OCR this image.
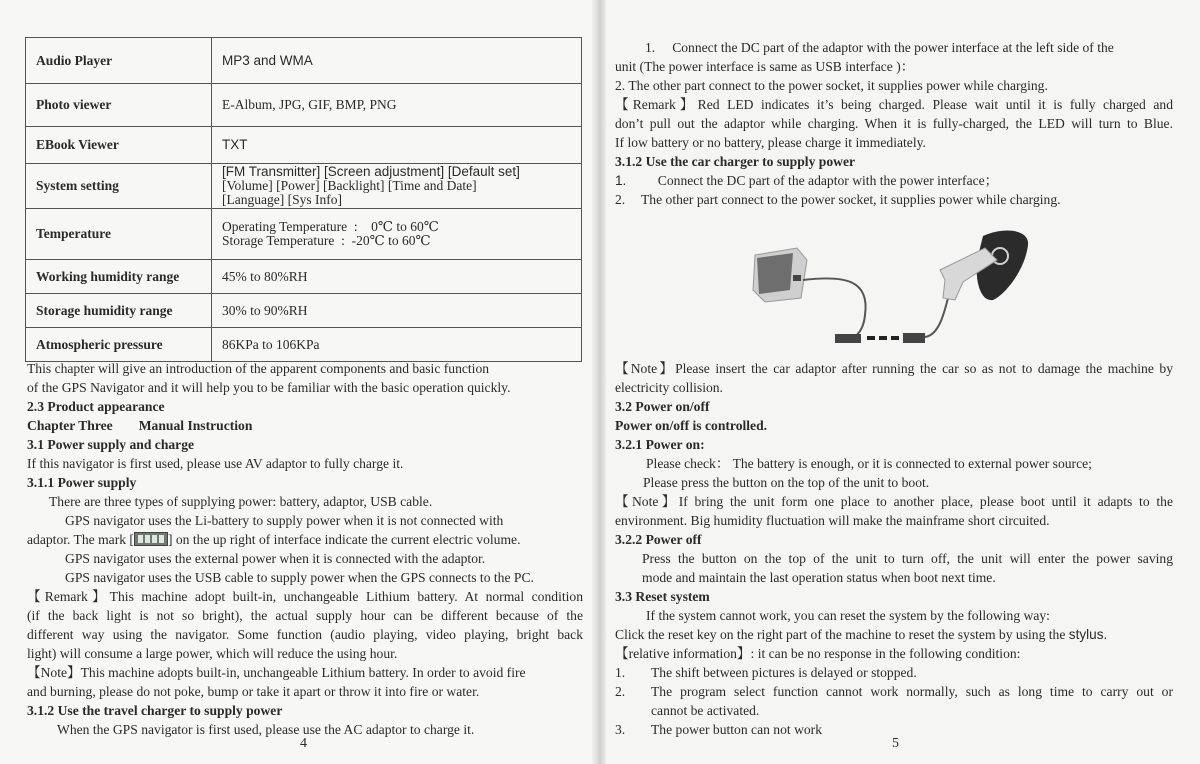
Audio Player	MP3 and WMA
Photo viewer	E-Album, JPG, GIF, BMP, PNG
EBook Viewer	TXT
System setting	[FM Transmitter] [Screen adjustment] [Default set]
[Volume] [Power] [Backlight] [Time and Date]
[Language] [Sys Info]

Temperature	Operating Temperature  :    0℃ to 60℃
Storage Temperature  :  -20℃ to 60℃

Working humidity range	45% to 80%RH
Storage humidity range	30% to 90%RH
Atmospheric pressure	86KPa to 106KPa

This chapter will give an introduction of the apparent components and basic function

of the GPS Navigator and it will help you to be familiar with the basic operation quickly.

2.3 Product appearance

Chapter Three Manual Instruction

3.1 Power supply and charge

If this navigator is first used, please use AV adaptor to fully charge it.

3.1.1 Power supply

There are three types of supplying power: battery, adaptor, USB cable.

GPS navigator uses the Li-battery to supply power when it is not connected with

adaptor. The mark [	] on the up right of interface indicate the current electric volume.

GPS navigator uses the external power when it is connected with the adaptor.

GPS navigator uses the USB cable to supply power when the GPS connects to the PC.

【Remark】This machine adopt built-in, unchangeable Lithium battery. At normal condition

(if the back light is not so bright), the actual supply hour can be different because of the

different way using the navigator. Some function (audio playing, video playing, bright back

light) will consume a large power, which will reduce the using hour.

【Note】This machine adopts built-in, unchangeable Lithium battery. In order to avoid fire

and burning, please do not poke, bump or take it apart or throw it into fire or water.

3.1.2 Use the travel charger to supply power

When the GPS navigator is first used, please use the AC adaptor to charge it.

4

1.     Connect the DC part of the adaptor with the power interface at the left side of the

unit (The power interface is same as USB interface )：

2. The other part connect to the power socket, it supplies power while charging.

【Remark】Red LED indicates it’s being charged. Please wait until it is fully charged and

don’t pull out the adaptor while charging. When it is fully-charged, the LED will turn to Blue.

If low battery or no battery, please charge it immediately.

3.1.2 Use the car charger to supply power

1.  Connect the DC part of the adaptor with the power interface；

2. The other part connect to the power socket, it supplies power while charging.

【Note】Please insert the car adaptor after running the car so as not to damage the machine by

electricity collision.

3.2 Power on/off

Power on/off is controlled.

3.2.1 Power on:

Please check： The battery is enough, or it is connected to external power source;

Please press the button on the top of the unit to boot.

【Note】If bring the unit form one place to another place, please boot until it adapts to the

environment. Big humidity fluctuation will make the mainframe short circuited.

3.2.2 Power off

Press the button on the top of the unit to turn off, the unit will enter the power saving

mode and maintain the last operation status when boot next time.

3.3 Reset system

If the system cannot work, you can reset the system by the following way:

Click the reset key on the right part of the machine to reset the system by using the stylus.

【relative information】: it can be no response in the following condition:

1. The shift between pictures is delayed or stopped.

2. The program select function cannot work normally, such as long time to carry out or

cannot be activated.

3. The power button can not work

5
